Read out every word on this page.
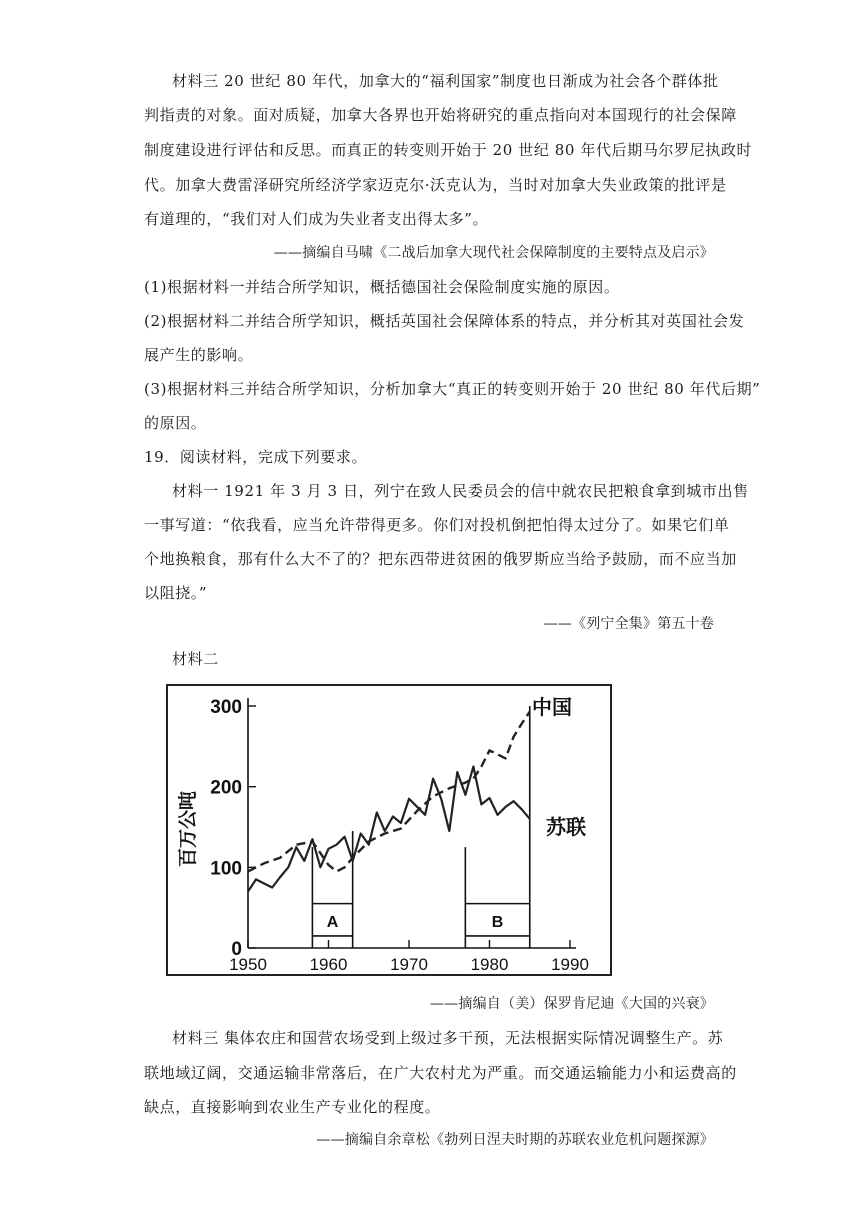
材料三 20 世纪 80 年代，加拿大的“福利国家”制度也日渐成为社会各个群体批
判指责的对象。面对质疑，加拿大各界也开始将研究的重点指向对本国现行的社会保障
制度建设进行评估和反思。而真正的转变则开始于 20 世纪 80 年代后期马尔罗尼执政时
代。加拿大费雷泽研究所经济学家迈克尔·沃克认为，当时对加拿大失业政策的批评是
有道理的，“我们对人们成为失业者支出得太多”。
——摘编自马啸《二战后加拿大现代社会保障制度的主要特点及启示》
(1)根据材料一并结合所学知识，概括德国社会保险制度实施的原因。
(2)根据材料二并结合所学知识，概括英国社会保障体系的特点，并分析其对英国社会发
展产生的影响。
(3)根据材料三并结合所学知识，分析加拿大“真正的转变则开始于 20 世纪 80 年代后期”
的原因。
19．阅读材料，完成下列要求。
材料一 1921 年 3 月 3 日，列宁在致人民委员会的信中就农民把粮食拿到城市出售
一事写道：“依我看，应当允许带得更多。你们对投机倒把怕得太过分了。如果它们单
个地换粮食，那有什么大不了的？把东西带进贫困的俄罗斯应当给予鼓励，而不应当加
以阻挠。”
——《列宁全集》第五十卷
材料二
0
100
200
300
1950	1960	1970	1980	1990
A	B
百万公吨
中国
苏联
——摘编自（美）保罗肯尼迪《大国的兴衰》
材料三 集体农庄和国营农场受到上级过多干预，无法根据实际情况调整生产。苏
联地域辽阔，交通运输非常落后，在广大农村尤为严重。而交通运输能力小和运费高的
缺点，直接影响到农业生产专业化的程度。
——摘编自余章松《勃列日涅夫时期的苏联农业危机问题探源》
